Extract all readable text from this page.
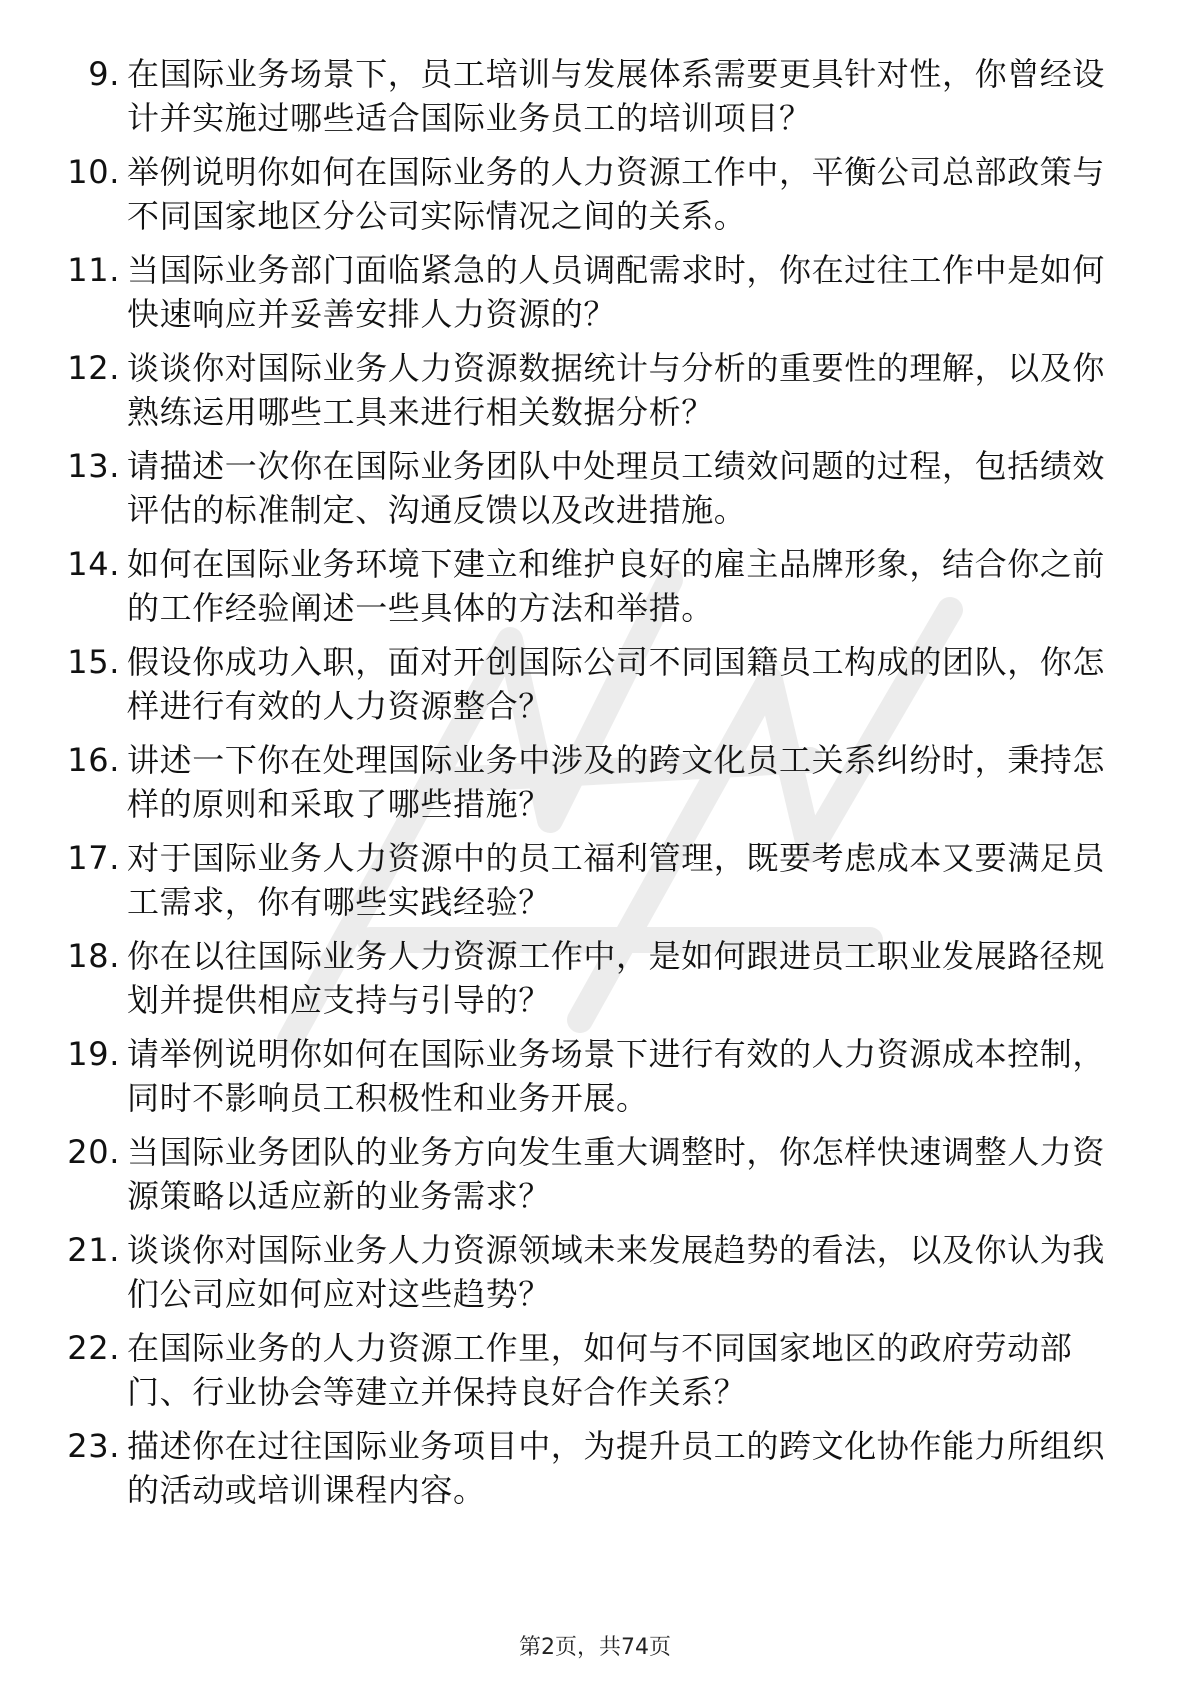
9. 在国际业务场景下，员工培训与发展体系需要更具针对性，你曾经设计并实施过哪些适合国际业务员工的培训项目？
10. 举例说明你如何在国际业务的人力资源工作中，平衡公司总部政策与不同国家地区分公司实际情况之间的关系。
11. 当国际业务部门面临紧急的人员调配需求时，你在过往工作中是如何快速响应并妥善安排人力资源的？
12. 谈谈你对国际业务人力资源数据统计与分析的重要性的理解，以及你熟练运用哪些工具来进行相关数据分析？
13. 请描述一次你在国际业务团队中处理员工绩效问题的过程，包括绩效评估的标准制定、沟通反馈以及改进措施。
14. 如何在国际业务环境下建立和维护良好的雇主品牌形象，结合你之前的工作经验阐述一些具体的方法和举措。
15. 假设你成功入职，面对开创国际公司不同国籍员工构成的团队，你怎样进行有效的人力资源整合？
16. 讲述一下你在处理国际业务中涉及的跨文化员工关系纠纷时，秉持怎样的原则和采取了哪些措施？
17. 对于国际业务人力资源中的员工福利管理，既要考虑成本又要满足员工需求，你有哪些实践经验？
18. 你在以往国际业务人力资源工作中，是如何跟进员工职业发展路径规划并提供相应支持与引导的？
19. 请举例说明你如何在国际业务场景下进行有效的人力资源成本控制，同时不影响员工积极性和业务开展。
20. 当国际业务团队的业务方向发生重大调整时，你怎样快速调整人力资源策略以适应新的业务需求？
21. 谈谈你对国际业务人力资源领域未来发展趋势的看法，以及你认为我们公司应如何应对这些趋势？
22. 在国际业务的人力资源工作里，如何与不同国家地区的政府劳动部门、行业协会等建立并保持良好合作关系？
23. 描述你在过往国际业务项目中，为提升员工的跨文化协作能力所组织的活动或培训课程内容。
第2页，共74页
